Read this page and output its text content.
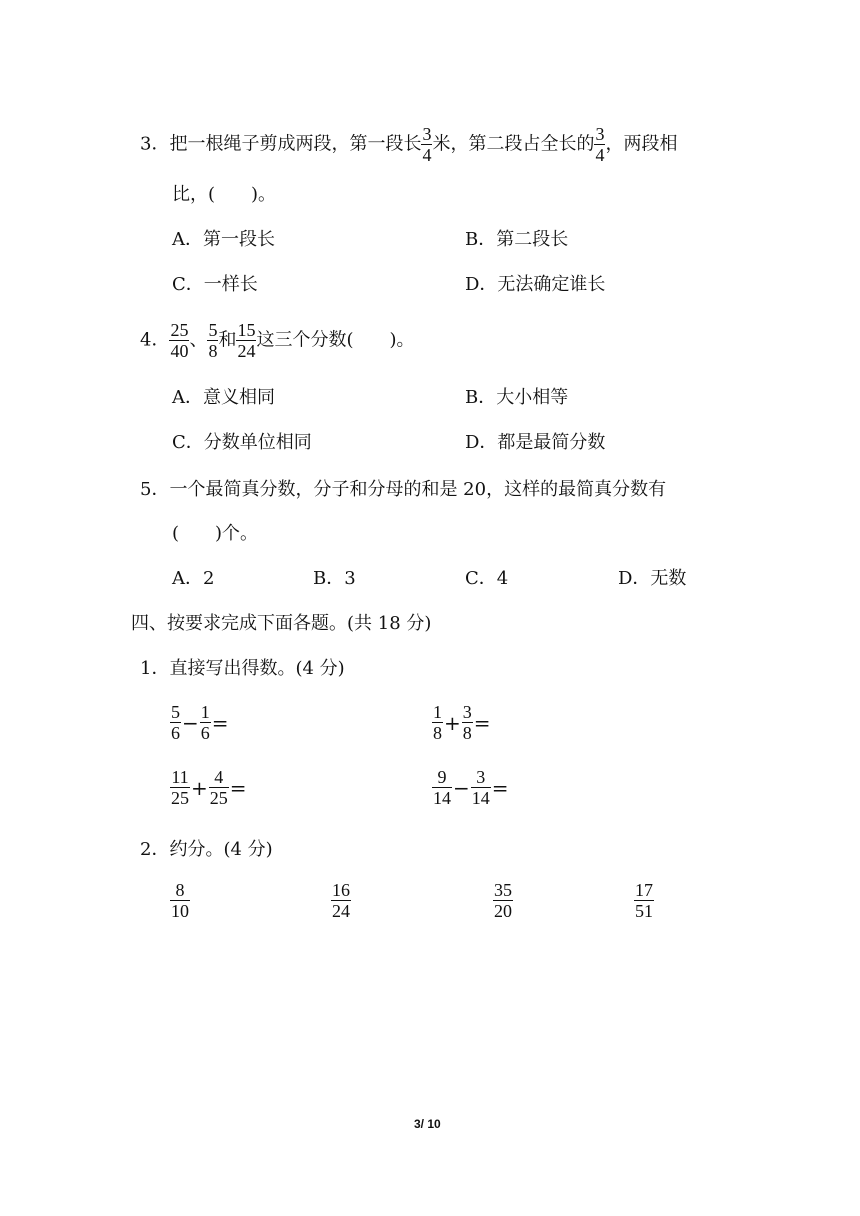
3．把一根绳子剪成两段，第一段长 $\frac{3}{4}$ 米，第二段占全长的 $\frac{3}{4}$ ，两段相
比，(　　)。
A．第一段长	B．第二段长
C．一样长	D．无法确定谁长
4． $\frac{25}{40}$ 、 $\frac{5}{8}$ 和 $\frac{15}{24}$ 这三个分数(　　)。
A．意义相同	B．大小相等
C．分数单位相同	D．都是最简分数
5．一个最简真分数，分子和分母的和是 20，这样的最简真分数有
(　　)个。
A．2	B．3	C．4	D．无数
四、按要求完成下面各题。(共 18 分)
1．直接写出得数。(4 分)
$\frac{5}{6} - \frac{1}{6}$ =	$\frac{1}{8} + \frac{3}{8}$ =
$\frac{11}{25} + \frac{4}{25}$ =	$\frac{9}{14} - \frac{3}{14}$ =
2．约分。(4 分)
$\frac{8}{10}$	$\frac{16}{24}$	$\frac{35}{20}$	$\frac{17}{51}$
3/ 10
